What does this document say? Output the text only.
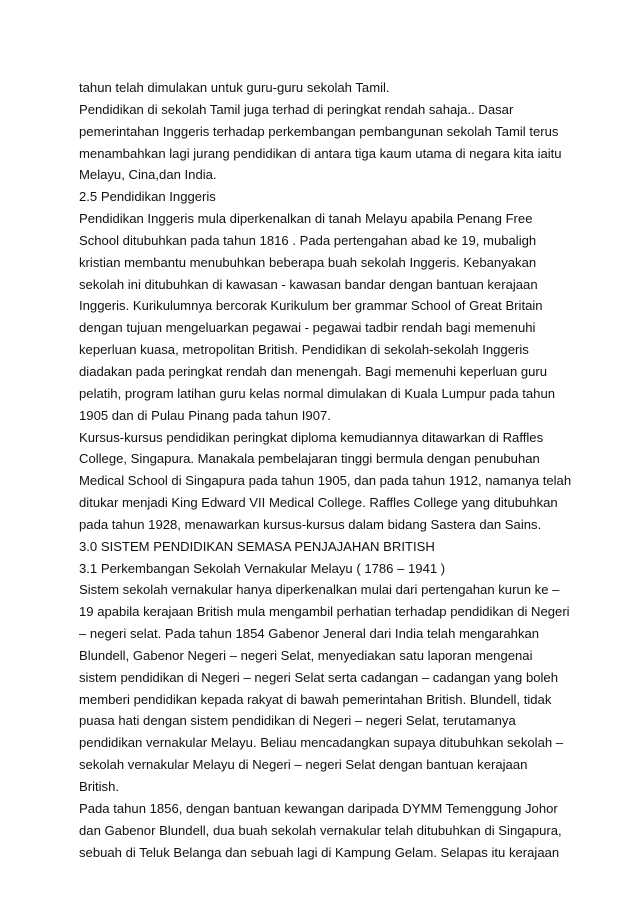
tahun telah dimulakan untuk guru-guru sekolah Tamil.
Pendidikan di sekolah Tamil juga terhad di peringkat rendah sahaja.. Dasar
pemerintahan Inggeris terhadap perkembangan pembangunan sekolah Tamil terus
menambahkan lagi jurang pendidikan di antara tiga kaum utama di negara kita iaitu
Melayu, Cina,dan India.
2.5 Pendidikan Inggeris
Pendidikan Inggeris mula diperkenalkan di tanah Melayu apabila Penang Free
School ditubuhkan pada tahun 1816 . Pada pertengahan abad ke 19, mubaligh
kristian membantu menubuhkan beberapa buah sekolah Inggeris. Kebanyakan
sekolah ini ditubuhkan di kawasan - kawasan bandar dengan bantuan kerajaan
Inggeris. Kurikulumnya bercorak Kurikulum ber grammar School of Great Britain
dengan tujuan mengeluarkan pegawai - pegawai tadbir rendah bagi memenuhi
keperluan kuasa, metropolitan British. Pendidikan di sekolah-sekolah Inggeris
diadakan pada peringkat rendah dan menengah. Bagi memenuhi keperluan guru
pelatih, program latihan guru kelas normal dimulakan di Kuala Lumpur pada tahun
1905 dan di Pulau Pinang pada tahun I907.
Kursus-kursus pendidikan peringkat diploma kemudiannya ditawarkan di Raffles
College, Singapura. Manakala pembelajaran tinggi bermula dengan penubuhan
Medical School di Singapura pada tahun 1905, dan pada tahun 1912, namanya telah
ditukar menjadi King Edward VII Medical College. Raffles College yang ditubuhkan
pada tahun 1928, menawarkan kursus-kursus dalam bidang Sastera dan Sains.
3.0 SISTEM PENDIDIKAN SEMASA PENJAJAHAN BRITISH
3.1 Perkembangan Sekolah Vernakular Melayu ( 1786 – 1941 )
Sistem sekolah vernakular hanya diperkenalkan mulai dari pertengahan kurun ke –
19 apabila kerajaan British mula mengambil perhatian terhadap pendidikan di Negeri
– negeri selat. Pada tahun 1854 Gabenor Jeneral dari India telah mengarahkan
Blundell, Gabenor Negeri – negeri Selat, menyediakan satu laporan mengenai
sistem pendidikan di Negeri – negeri Selat serta cadangan – cadangan yang boleh
memberi pendidikan kepada rakyat di bawah pemerintahan British. Blundell, tidak
puasa hati dengan sistem pendidikan di Negeri – negeri Selat, terutamanya
pendidikan vernakular Melayu. Beliau mencadangkan supaya ditubuhkan sekolah –
sekolah vernakular Melayu di Negeri – negeri Selat dengan bantuan kerajaan
British.
Pada tahun 1856, dengan bantuan kewangan daripada DYMM Temenggung Johor
dan Gabenor Blundell, dua buah sekolah vernakular telah ditubuhkan di Singapura,
sebuah di Teluk Belanga dan sebuah lagi di Kampung Gelam. Selapas itu kerajaan
